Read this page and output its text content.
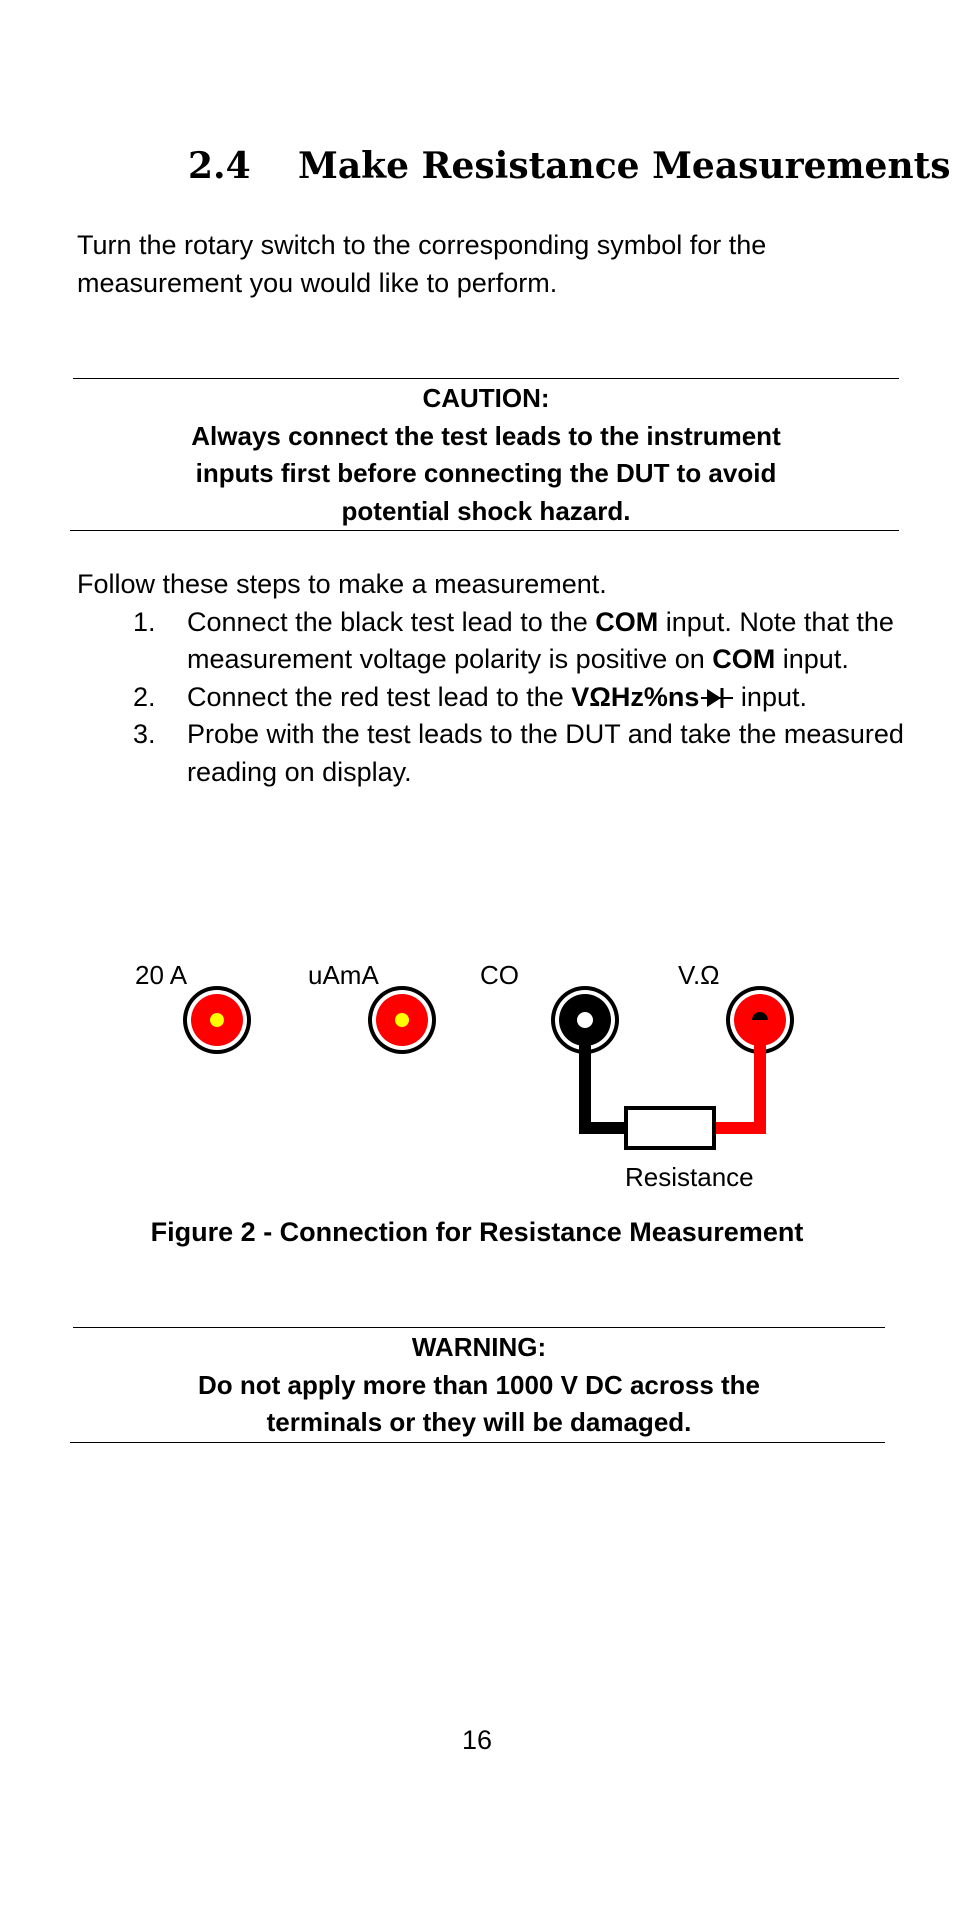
2.4 Make Resistance Measurements
Turn the rotary switch to the corresponding symbol for the measurement you would like to perform.
CAUTION:
Always connect the test leads to the instrument
inputs first before connecting the DUT to avoid
potential shock hazard.
Follow these steps to make a measurement.
1. Connect the black test lead to the COM input. Note that the measurement voltage polarity is positive on COM input.
2. Connect the red test lead to the VΩHz%ns input.
3. Probe with the test leads to the DUT and take the measured reading on display.
20 A	uAmA	CO	V.Ω
Resistance
Figure 2 - Connection for Resistance Measurement
WARNING:
Do not apply more than 1000 V DC across the
terminals or they will be damaged.
16
